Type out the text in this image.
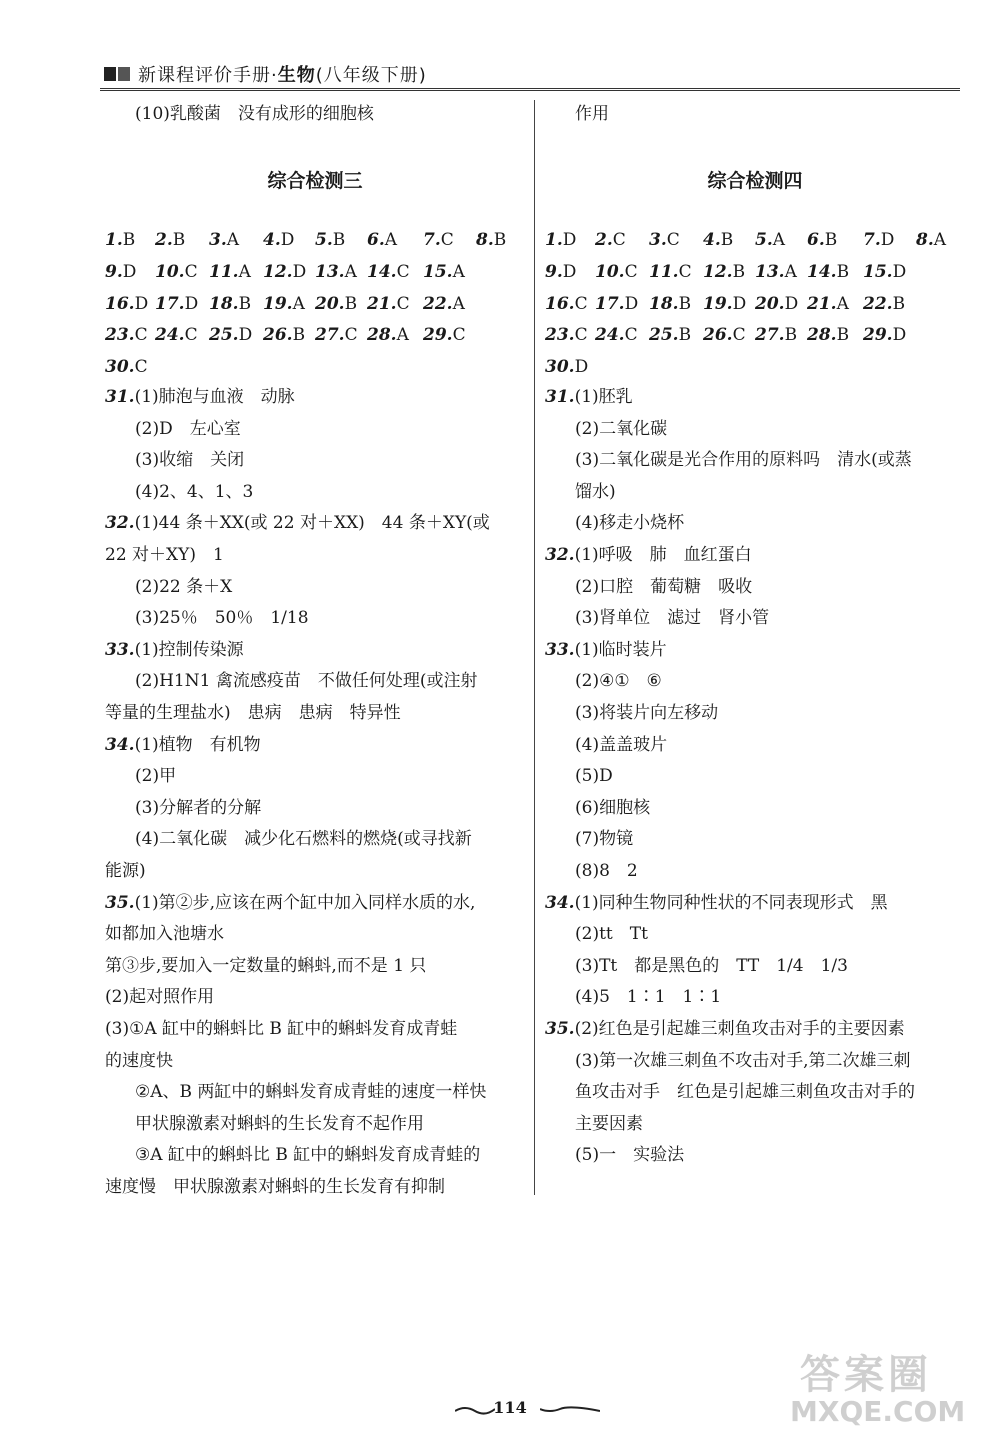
新课程评价手册·生物(八年级下册)
(10)乳酸菌　没有成形的细胞核
综合检测三
1.B 2.B 3.A 4.D 5.B 6.A 7.C 8.B
9.D 10.C 11.A 12.D 13.A 14.C 15.A
16.D 17.D 18.B 19.A 20.B 21.C 22.A
23.C 24.C 25.D 26.B 27.C 28.A 29.C
30.C
31.(1)肺泡与血液　动脉
(2)D　左心室
(3)收缩　关闭
(4)2、4、1、3
32.(1)44 条＋XX(或 22 对＋XX)　44 条＋XY(或
22 对＋XY)　1
(2)22 条＋X
(3)25％　50％　1/18
33.(1)控制传染源
(2)H1N1 禽流感疫苗　不做任何处理(或注射
等量的生理盐水)　患病　患病　特异性
34.(1)植物　有机物
(2)甲
(3)分解者的分解
(4)二氧化碳　减少化石燃料的燃烧(或寻找新
能源)
35.(1)第②步,应该在两个缸中加入同样水质的水,
如都加入池塘水
第③步,要加入一定数量的蝌蚪,而不是 1 只
(2)起对照作用
(3)①A 缸中的蝌蚪比 B 缸中的蝌蚪发育成青蛙
的速度快
②A、B 两缸中的蝌蚪发育成青蛙的速度一样快
甲状腺激素对蝌蚪的生长发育不起作用
③A 缸中的蝌蚪比 B 缸中的蝌蚪发育成青蛙的
速度慢　甲状腺激素对蝌蚪的生长发育有抑制
作用
综合检测四
1.D 2.C 3.C 4.B 5.A 6.B 7.D 8.A
9.D 10.C 11.C 12.B 13.A 14.B 15.D
16.C 17.D 18.B 19.D 20.D 21.A 22.B
23.C 24.C 25.B 26.C 27.B 28.B 29.D
30.D
31.(1)胚乳
(2)二氧化碳
(3)二氧化碳是光合作用的原料吗　清水(或蒸
馏水)
(4)移走小烧杯
32.(1)呼吸　肺　血红蛋白
(2)口腔　葡萄糖　吸收
(3)肾单位　滤过　肾小管
33.(1)临时装片
(2)④①　⑥
(3)将装片向左移动
(4)盖盖玻片
(5)D
(6)细胞核
(7)物镜
(8)8　2
34.(1)同种生物同种性状的不同表现形式　黑
(2)tt　Tt
(3)Tt　都是黑色的　TT　1/4　1/3
(4)5　1∶1　1∶1
35.(2)红色是引起雄三刺鱼攻击对手的主要因素
(3)第一次雄三刺鱼不攻击对手,第二次雄三刺
鱼攻击对手　红色是引起雄三刺鱼攻击对手的
主要因素
(5)一　实验法
114
答案圈
MXQE.COM
